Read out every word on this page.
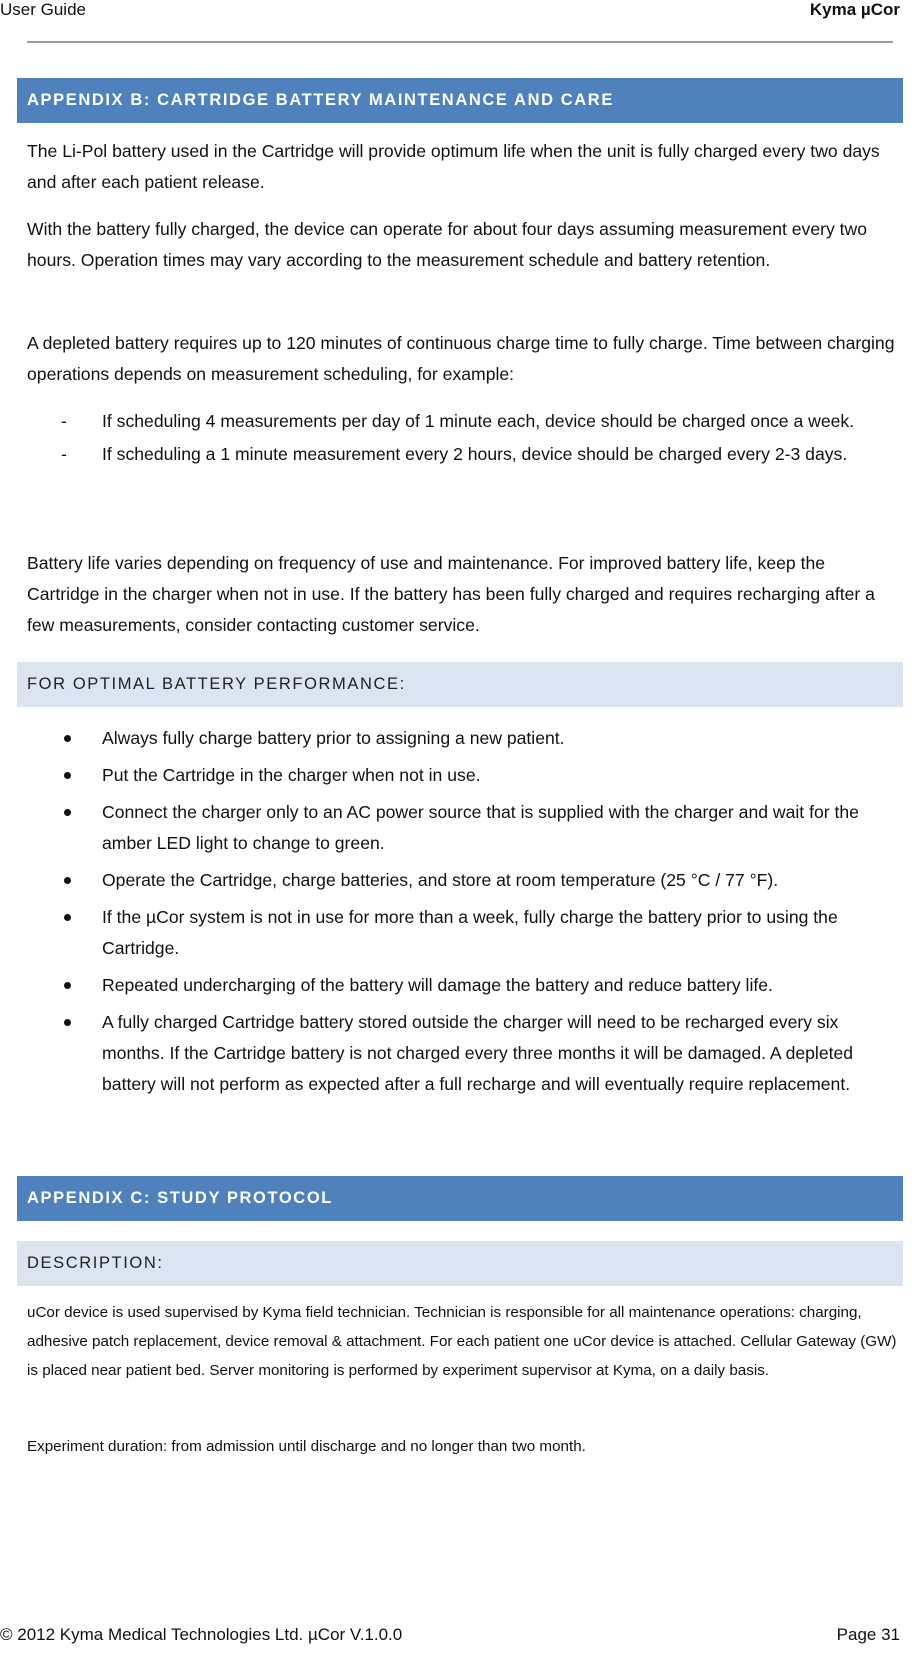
User Guide	Kyma µCor
APPENDIX B: CARTRIDGE BATTERY MAINTENANCE AND CARE

The Li-Pol battery used in the Cartridge will provide optimum life when the unit is fully charged every two days and after each patient release.

With the battery fully charged, the device can operate for about four days assuming measurement every two hours. Operation times may vary according to the measurement schedule and battery retention.

A depleted battery requires up to 120 minutes of continuous charge time to fully charge. Time between charging operations depends on measurement scheduling, for example:

- If scheduling 4 measurements per day of 1 minute each, device should be charged once a week.
- If scheduling a 1 minute measurement every 2 hours, device should be charged every 2-3 days.

Battery life varies depending on frequency of use and maintenance. For improved battery life, keep the Cartridge in the charger when not in use. If the battery has been fully charged and requires recharging after a few measurements, consider contacting customer service.

FOR OPTIMAL BATTERY PERFORMANCE:
Always fully charge battery prior to assigning a new patient.
Put the Cartridge in the charger when not in use.
Connect the charger only to an AC power source that is supplied with the charger and wait for the amber LED light to change to green.
Operate the Cartridge, charge batteries, and store at room temperature (25 °C / 77 °F).
If the µCor system is not in use for more than a week, fully charge the battery prior to using the Cartridge.
Repeated undercharging of the battery will damage the battery and reduce battery life.
A fully charged Cartridge battery stored outside the charger will need to be recharged every six months. If the Cartridge battery is not charged every three months it will be damaged. A depleted battery will not perform as expected after a full recharge and will eventually require replacement.
APPENDIX C: STUDY PROTOCOL
DESCRIPTION:

uCor device is used supervised by Kyma field technician. Technician is responsible for all maintenance operations: charging, adhesive patch replacement, device removal & attachment. For each patient one uCor device is attached. Cellular Gateway (GW) is placed near patient bed. Server monitoring is performed by experiment supervisor at Kyma, on a daily basis.

Experiment duration: from admission until discharge and no longer than two month.

© 2012 Kyma Medical Technologies Ltd. µCor V.1.0.0	Page 31
